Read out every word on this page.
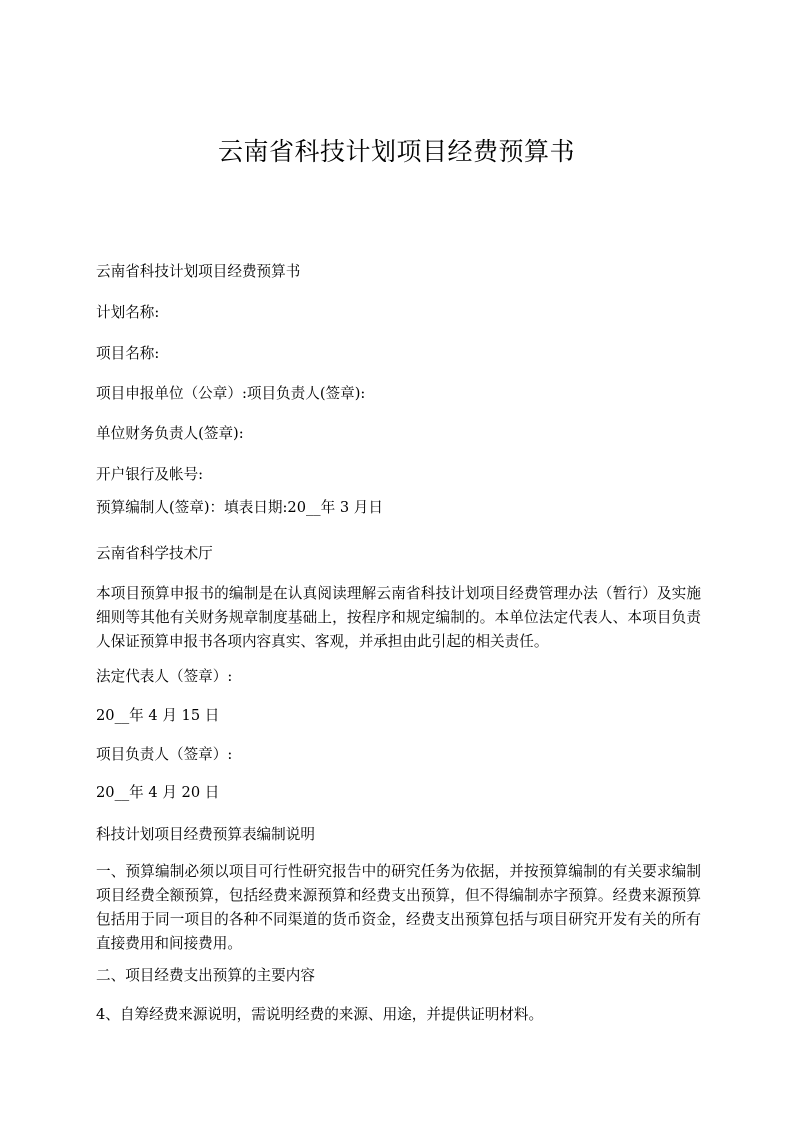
云南省科技计划项目经费预算书

云南省科技计划项目经费预算书

计划名称:

项目名称:

项目申报单位（公章）:项目负责人(签章):

单位财务负责人(签章):

开户银行及帐号:

预算编制人(签章)：填表日期:20__年 3 月日

云南省科学技术厅

本项目预算申报书的编制是在认真阅读理解云南省科技计划项目经费管理办法（暂行）及实施细则等其他有关财务规章制度基础上，按程序和规定编制的。本单位法定代表人、本项目负责人保证预算申报书各项内容真实、客观，并承担由此引起的相关责任。

法定代表人（签章）:

20__年 4 月 15 日

项目负责人（签章）:

20__年 4 月 20 日

科技计划项目经费预算表编制说明

一、预算编制必须以项目可行性研究报告中的研究任务为依据，并按预算编制的有关要求编制项目经费全额预算，包括经费来源预算和经费支出预算，但不得编制赤字预算。经费来源预算包括用于同一项目的各种不同渠道的货币资金，经费支出预算包括与项目研究开发有关的所有直接费用和间接费用。

二、项目经费支出预算的主要内容

4、自筹经费来源说明，需说明经费的来源、用途，并提供证明材料。
